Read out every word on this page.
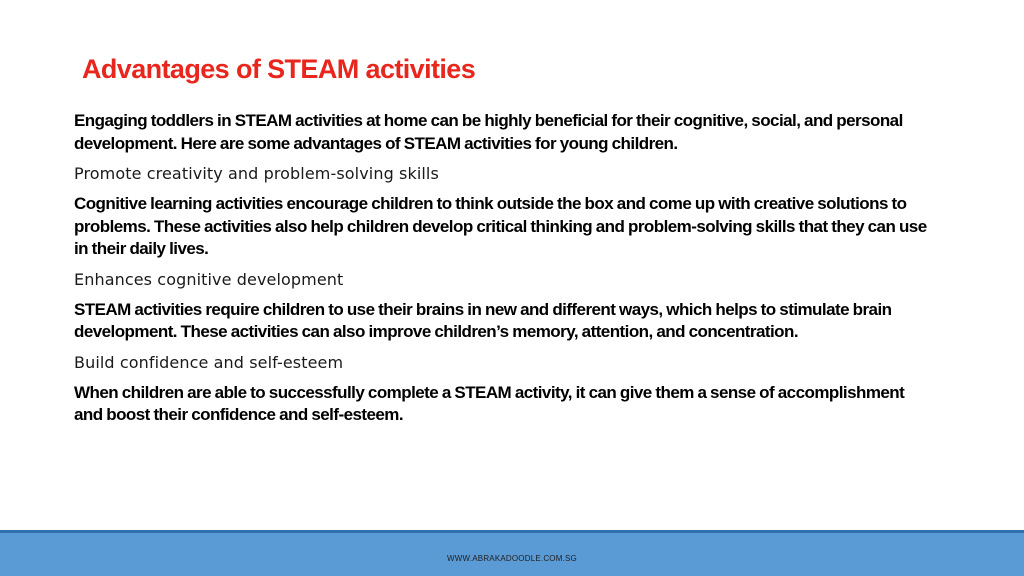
Advantages of STEAM activities

Engaging toddlers in STEAM activities at home can be highly beneficial for their cognitive, social, and personal development. Here are some advantages of STEAM activities for young children.

Promote creativity and problem-solving skills

Cognitive learning activities encourage children to think outside the box and come up with creative solutions to problems. These activities also help children develop critical thinking and problem-solving skills that they can use in their daily lives.

Enhances cognitive development

STEAM activities require children to use their brains in new and different ways, which helps to stimulate brain development. These activities can also improve children’s memory, attention, and concentration.

Build confidence and self-esteem

When children are able to successfully complete a STEAM activity, it can give them a sense of accomplishment and boost their confidence and self-esteem.

WWW.ABRAKADOODLE.COM.SG
